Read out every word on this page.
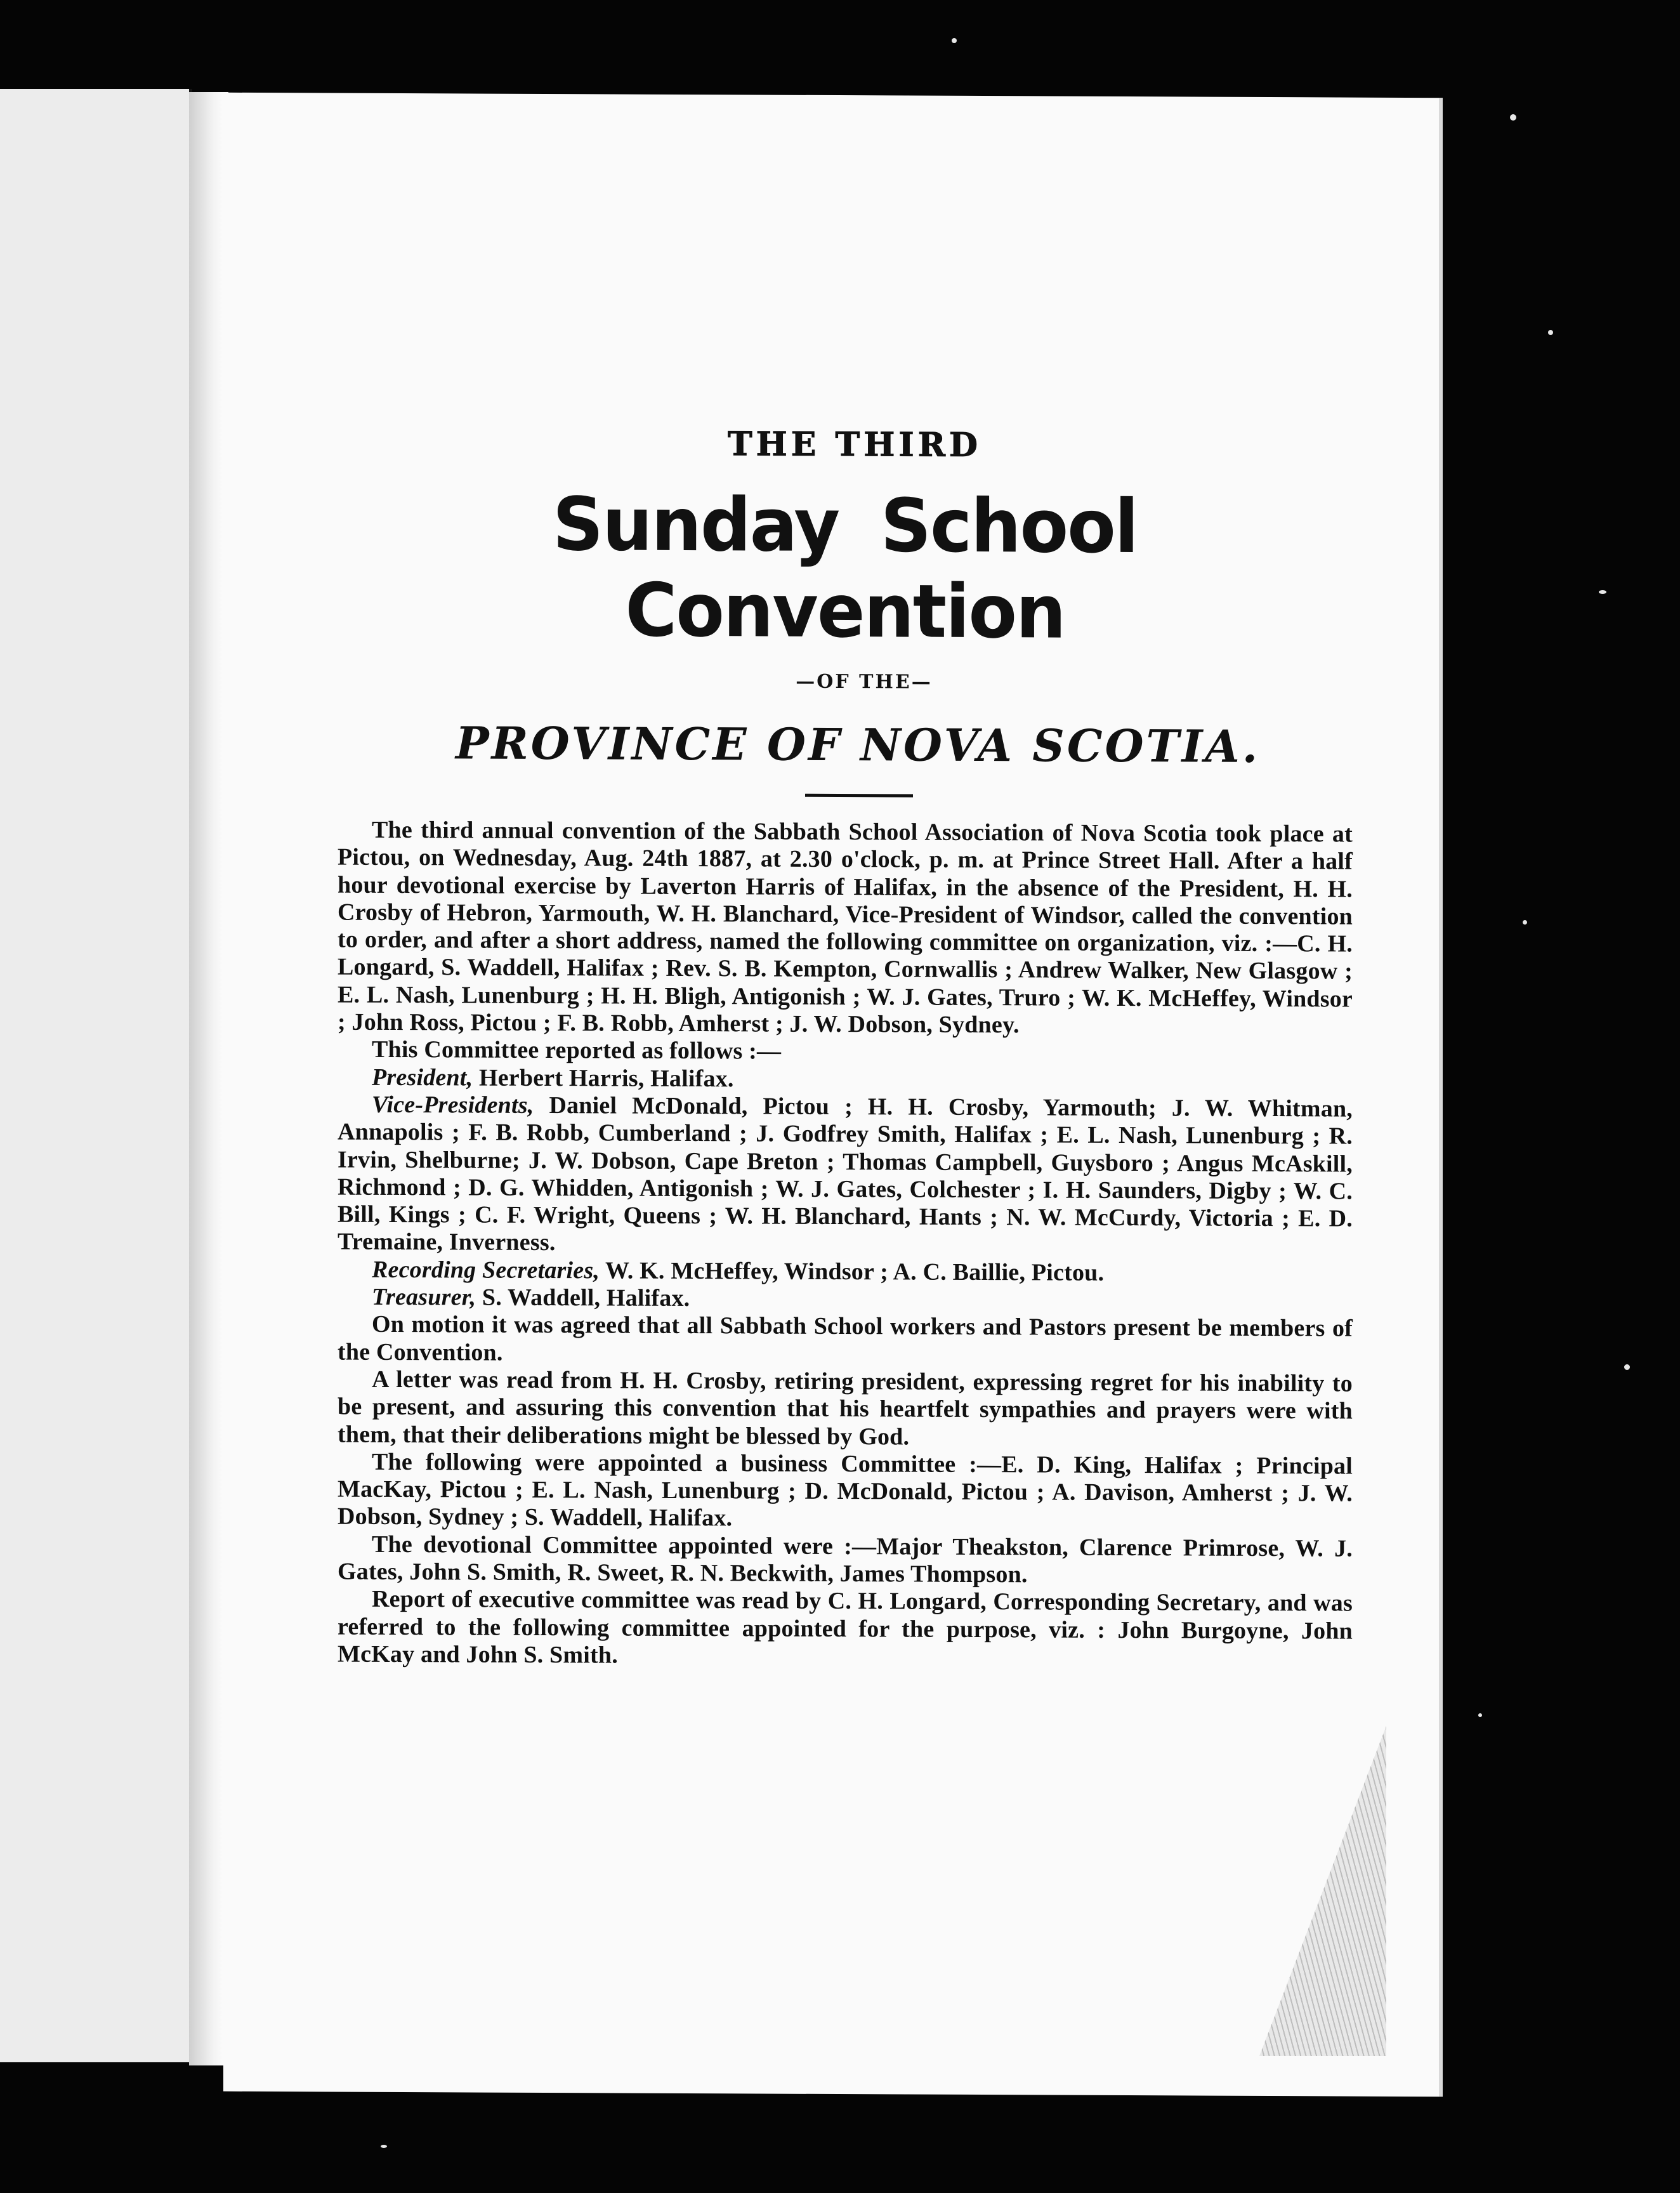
THE THIRD
Sunday School Convention
—OF THE—
PROVINCE OF NOVA SCOTIA.

The third annual convention of the Sabbath School Association of Nova Scotia took place at Pictou, on Wednesday, Aug. 24th 1887, at 2.30 o'clock, p. m. at Prince Street Hall. After a half hour devotional exercise by Laverton Harris of Halifax, in the absence of the President, H. H. Crosby of Hebron, Yarmouth, W. H. Blanchard, Vice-President of Windsor, called the convention to order, and after a short address, named the following committee on organization, viz. :—C. H. Longard, S. Waddell, Halifax ; Rev. S. B. Kempton, Cornwallis ; Andrew Walker, New Glasgow ; E. L. Nash, Lunenburg ; H. H. Bligh, Antigonish ; W. J. Gates, Truro ; W. K. McHeffey, Windsor ; John Ross, Pictou ; F. B. Robb, Amherst ; J. W. Dobson, Sydney.

This Committee reported as follows :—

President, Herbert Harris, Halifax.

Vice-Presidents, Daniel McDonald, Pictou ; H. H. Crosby, Yarmouth; J. W. Whitman, Annapolis ; F. B. Robb, Cumberland ; J. Godfrey Smith, Halifax ; E. L. Nash, Lunenburg ; R. Irvin, Shelburne; J. W. Dobson, Cape Breton ; Thomas Campbell, Guysboro ; Angus McAskill, Richmond ; D. G. Whidden, Antigonish ; W. J. Gates, Colchester ; I. H. Saunders, Digby ; W. C. Bill, Kings ; C. F. Wright, Queens ; W. H. Blanchard, Hants ; N. W. McCurdy, Victoria ; E. D. Tremaine, Inverness.

Recording Secretaries, W. K. McHeffey, Windsor ; A. C. Baillie, Pictou.

Treasurer, S. Waddell, Halifax.

On motion it was agreed that all Sabbath School workers and Pastors present be members of the Convention.

A letter was read from H. H. Crosby, retiring president, expressing regret for his inability to be present, and assuring this convention that his heartfelt sympathies and prayers were with them, that their deliberations might be blessed by God.

The following were appointed a business Committee :—E. D. King, Halifax ; Principal MacKay, Pictou ; E. L. Nash, Lunenburg ; D. McDonald, Pictou ; A. Davison, Amherst ; J. W. Dobson, Sydney ; S. Waddell, Halifax.

The devotional Committee appointed were :—Major Theakston, Clarence Primrose, W. J. Gates, John S. Smith, R. Sweet, R. N. Beckwith, James Thompson.

Report of executive committee was read by C. H. Longard, Corresponding Secretary, and was referred to the following committee appointed for the purpose, viz. : John Burgoyne, John McKay and John S. Smith.
